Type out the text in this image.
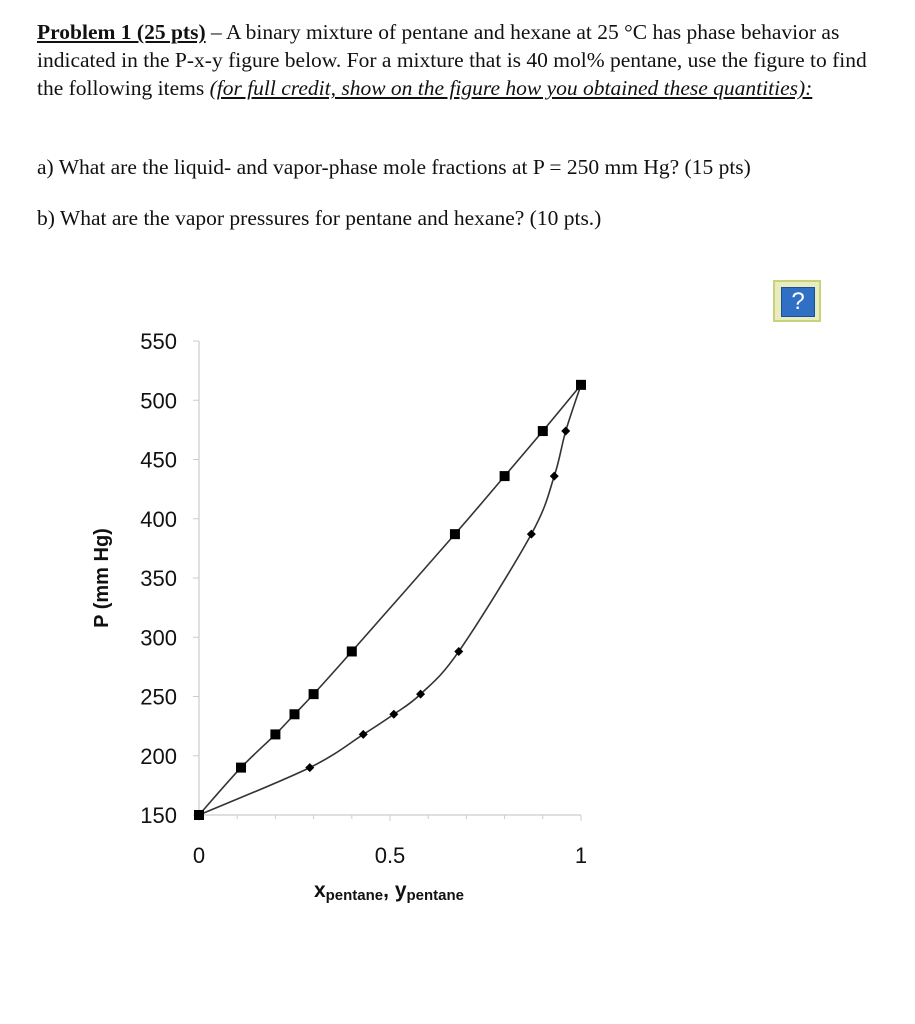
Problem 1 (25 pts) – A binary mixture of pentane and hexane at 25 °C has phase behavior as indicated in the P-x-y figure below. For a mixture that is 40 mol% pentane, use the figure to find the following items (for full credit, show on the figure how you obtained these quantities):

a) What are the liquid- and vapor-phase mole fractions at P = 250 mm Hg? (15 pts)

b) What are the vapor pressures for pentane and hexane? (10 pts.)

?
150
200
250
300
350
400
450
500
550
0	0.5	1
P (mm Hg)
xpentane, ypentane
